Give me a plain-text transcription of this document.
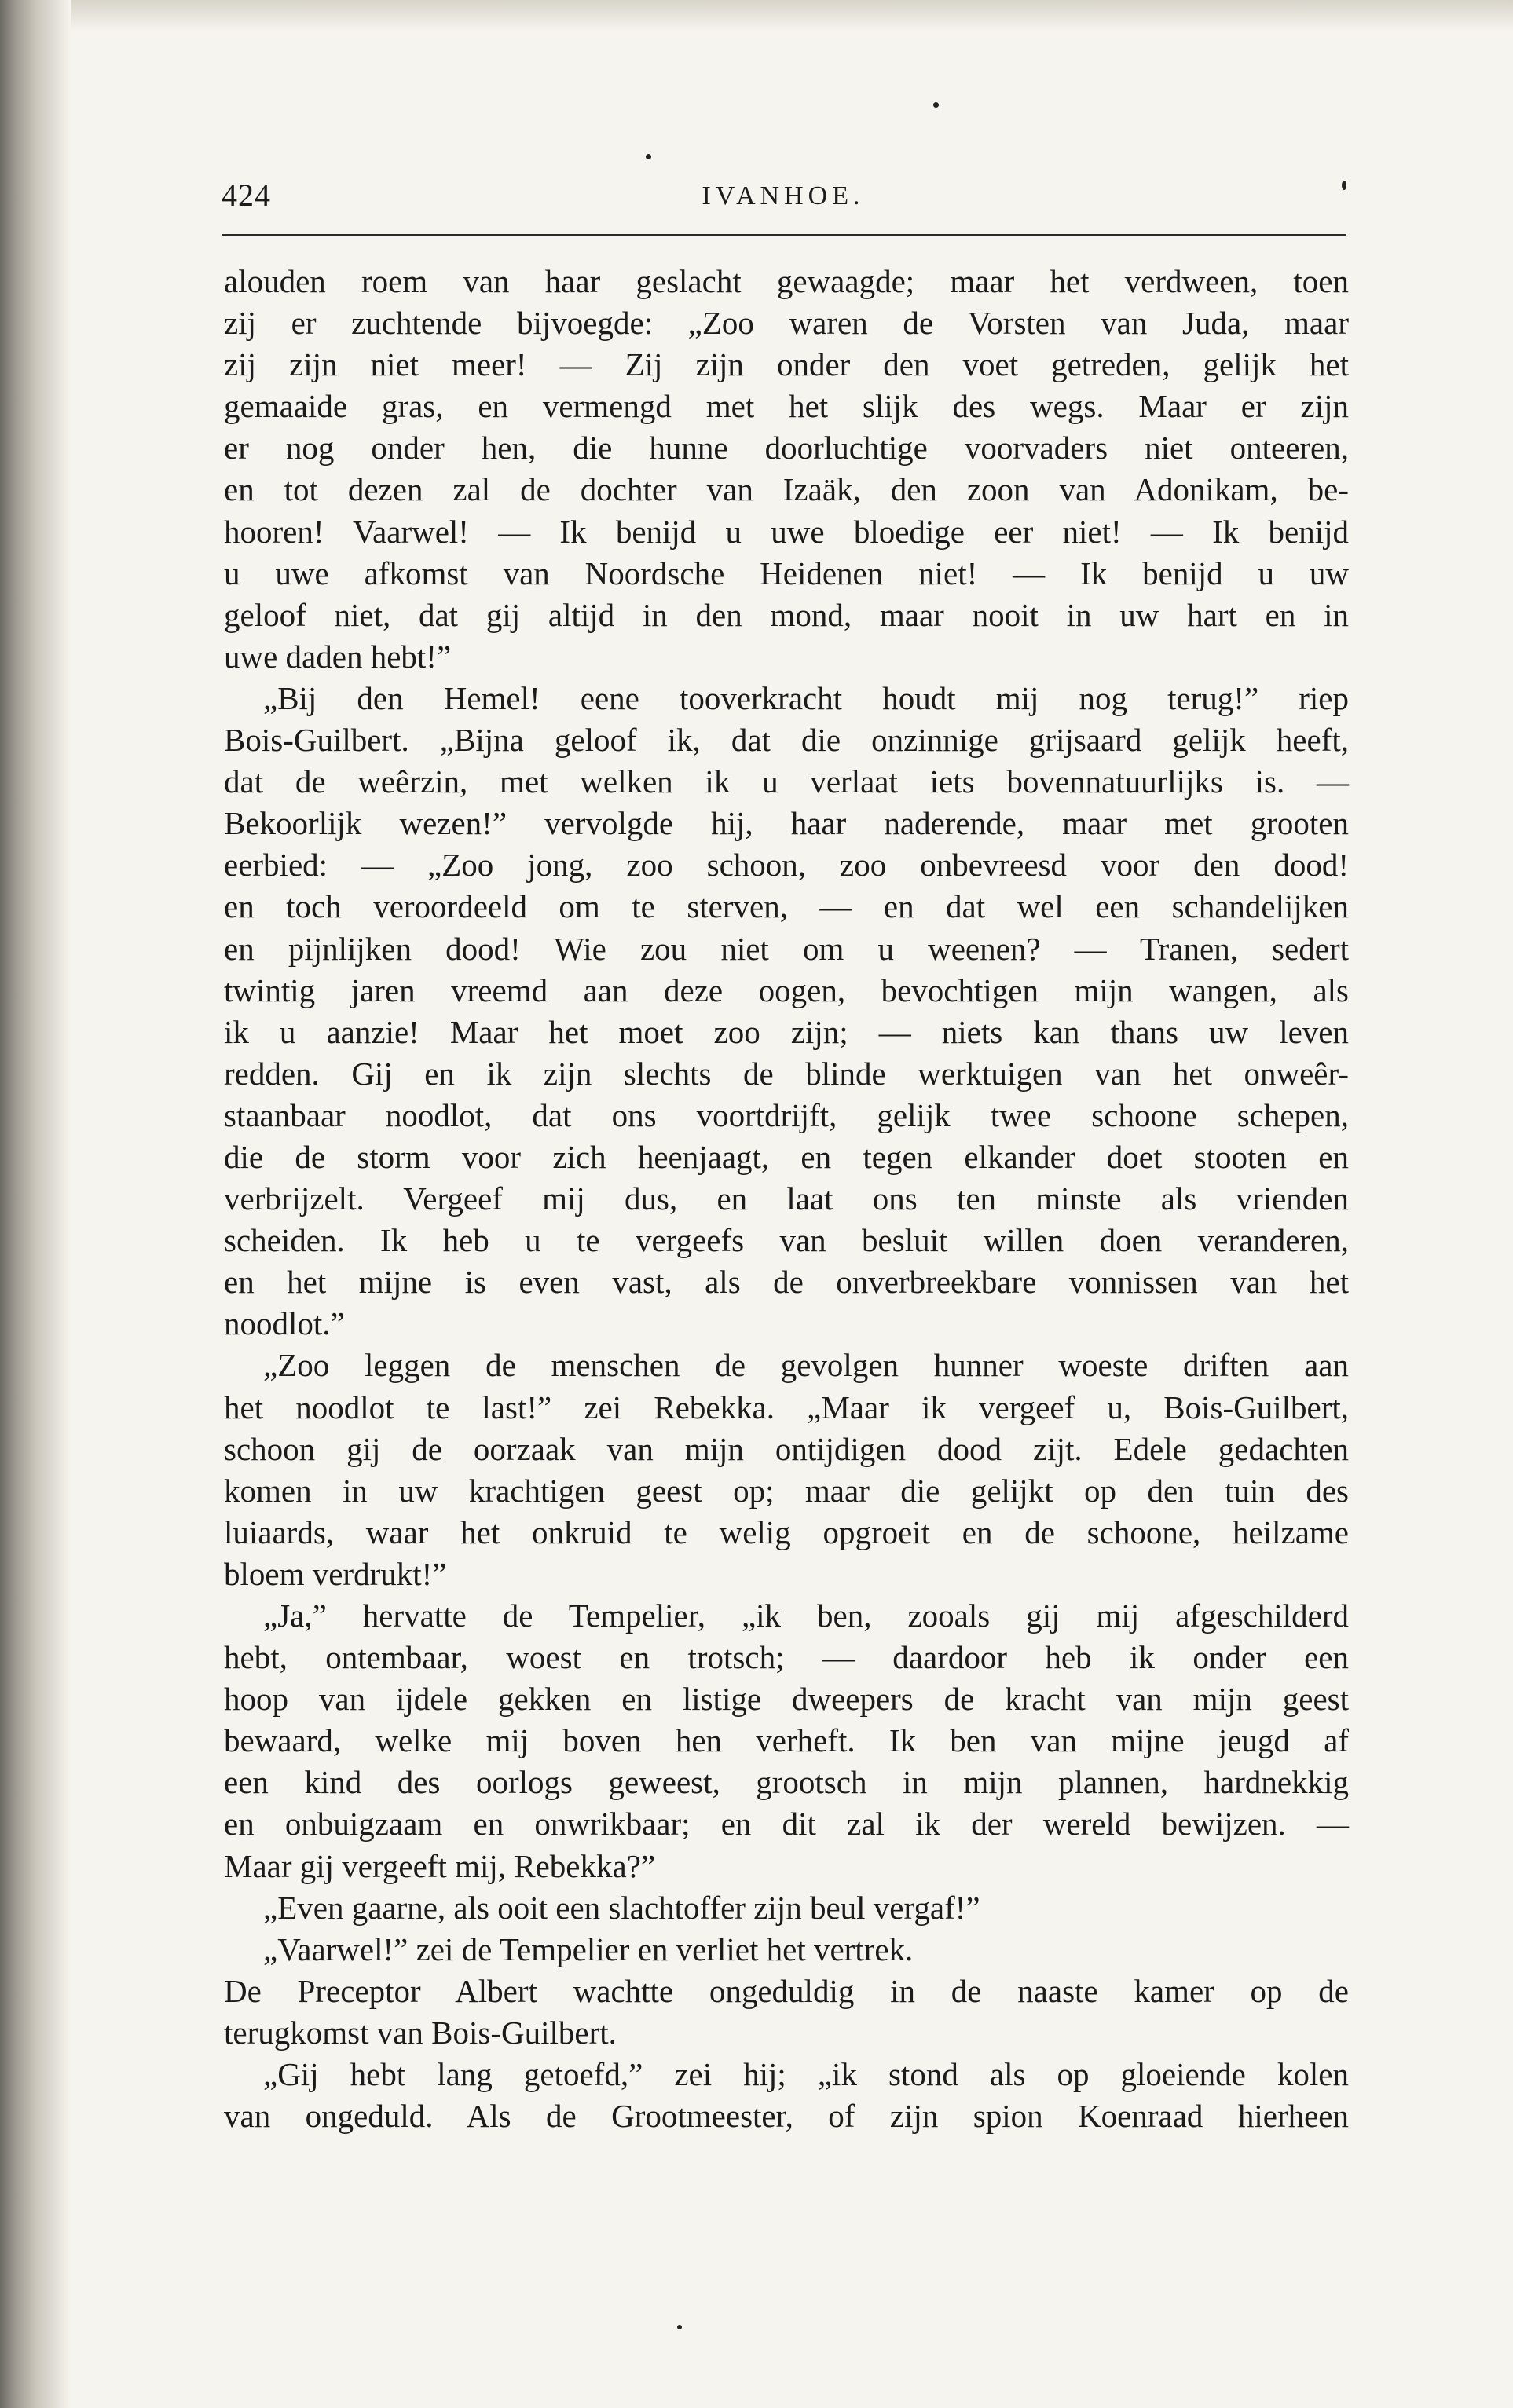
424	IVANHOE.
alouden roem van haar geslacht gewaagde; maar het verdween, toen
zij er zuchtende bijvoegde: „Zoo waren de Vorsten van Juda, maar
zij zijn niet meer! — Zij zijn onder den voet getreden, gelijk het
gemaaide gras, en vermengd met het slijk des wegs. Maar er zijn
er nog onder hen, die hunne doorluchtige voorvaders niet onteeren,
en tot dezen zal de dochter van Izaäk, den zoon van Adonikam, be-
hooren! Vaarwel! — Ik benijd u uwe bloedige eer niet! — Ik benijd
u uwe afkomst van Noordsche Heidenen niet! — Ik benijd u uw
geloof niet, dat gij altijd in den mond, maar nooit in uw hart en in
uwe daden hebt!”
„Bij den Hemel! eene tooverkracht houdt mij nog terug!” riep
Bois-Guilbert. „Bijna geloof ik, dat die onzinnige grijsaard gelijk heeft,
dat de weêrzin, met welken ik u verlaat iets bovennatuurlijks is. —
Bekoorlijk wezen!” vervolgde hij, haar naderende, maar met grooten
eerbied: — „Zoo jong, zoo schoon, zoo onbevreesd voor den dood!
en toch veroordeeld om te sterven, — en dat wel een schandelijken
en pijnlijken dood! Wie zou niet om u weenen? — Tranen, sedert
twintig jaren vreemd aan deze oogen, bevochtigen mijn wangen, als
ik u aanzie! Maar het moet zoo zijn; — niets kan thans uw leven
redden. Gij en ik zijn slechts de blinde werktuigen van het onweêr-
staanbaar noodlot, dat ons voortdrijft, gelijk twee schoone schepen,
die de storm voor zich heenjaagt, en tegen elkander doet stooten en
verbrijzelt. Vergeef mij dus, en laat ons ten minste als vrienden
scheiden. Ik heb u te vergeefs van besluit willen doen veranderen,
en het mijne is even vast, als de onverbreekbare vonnissen van het
noodlot.”
„Zoo leggen de menschen de gevolgen hunner woeste driften aan
het noodlot te last!” zei Rebekka. „Maar ik vergeef u, Bois-Guilbert,
schoon gij de oorzaak van mijn ontijdigen dood zijt. Edele gedachten
komen in uw krachtigen geest op; maar die gelijkt op den tuin des
luiaards, waar het onkruid te welig opgroeit en de schoone, heilzame
bloem verdrukt!”
„Ja,” hervatte de Tempelier, „ik ben, zooals gij mij afgeschilderd
hebt, ontembaar, woest en trotsch; — daardoor heb ik onder een
hoop van ijdele gekken en listige dweepers de kracht van mijn geest
bewaard, welke mij boven hen verheft. Ik ben van mijne jeugd af
een kind des oorlogs geweest, grootsch in mijn plannen, hardnekkig
en onbuigzaam en onwrikbaar; en dit zal ik der wereld bewijzen. —
Maar gij vergeeft mij, Rebekka?”
„Even gaarne, als ooit een slachtoffer zijn beul vergaf!”
„Vaarwel!” zei de Tempelier en verliet het vertrek.
De Preceptor Albert wachtte ongeduldig in de naaste kamer op de
terugkomst van Bois-Guilbert.
„Gij hebt lang getoefd,” zei hij; „ik stond als op gloeiende kolen
van ongeduld. Als de Grootmeester, of zijn spion Koenraad hierheen
